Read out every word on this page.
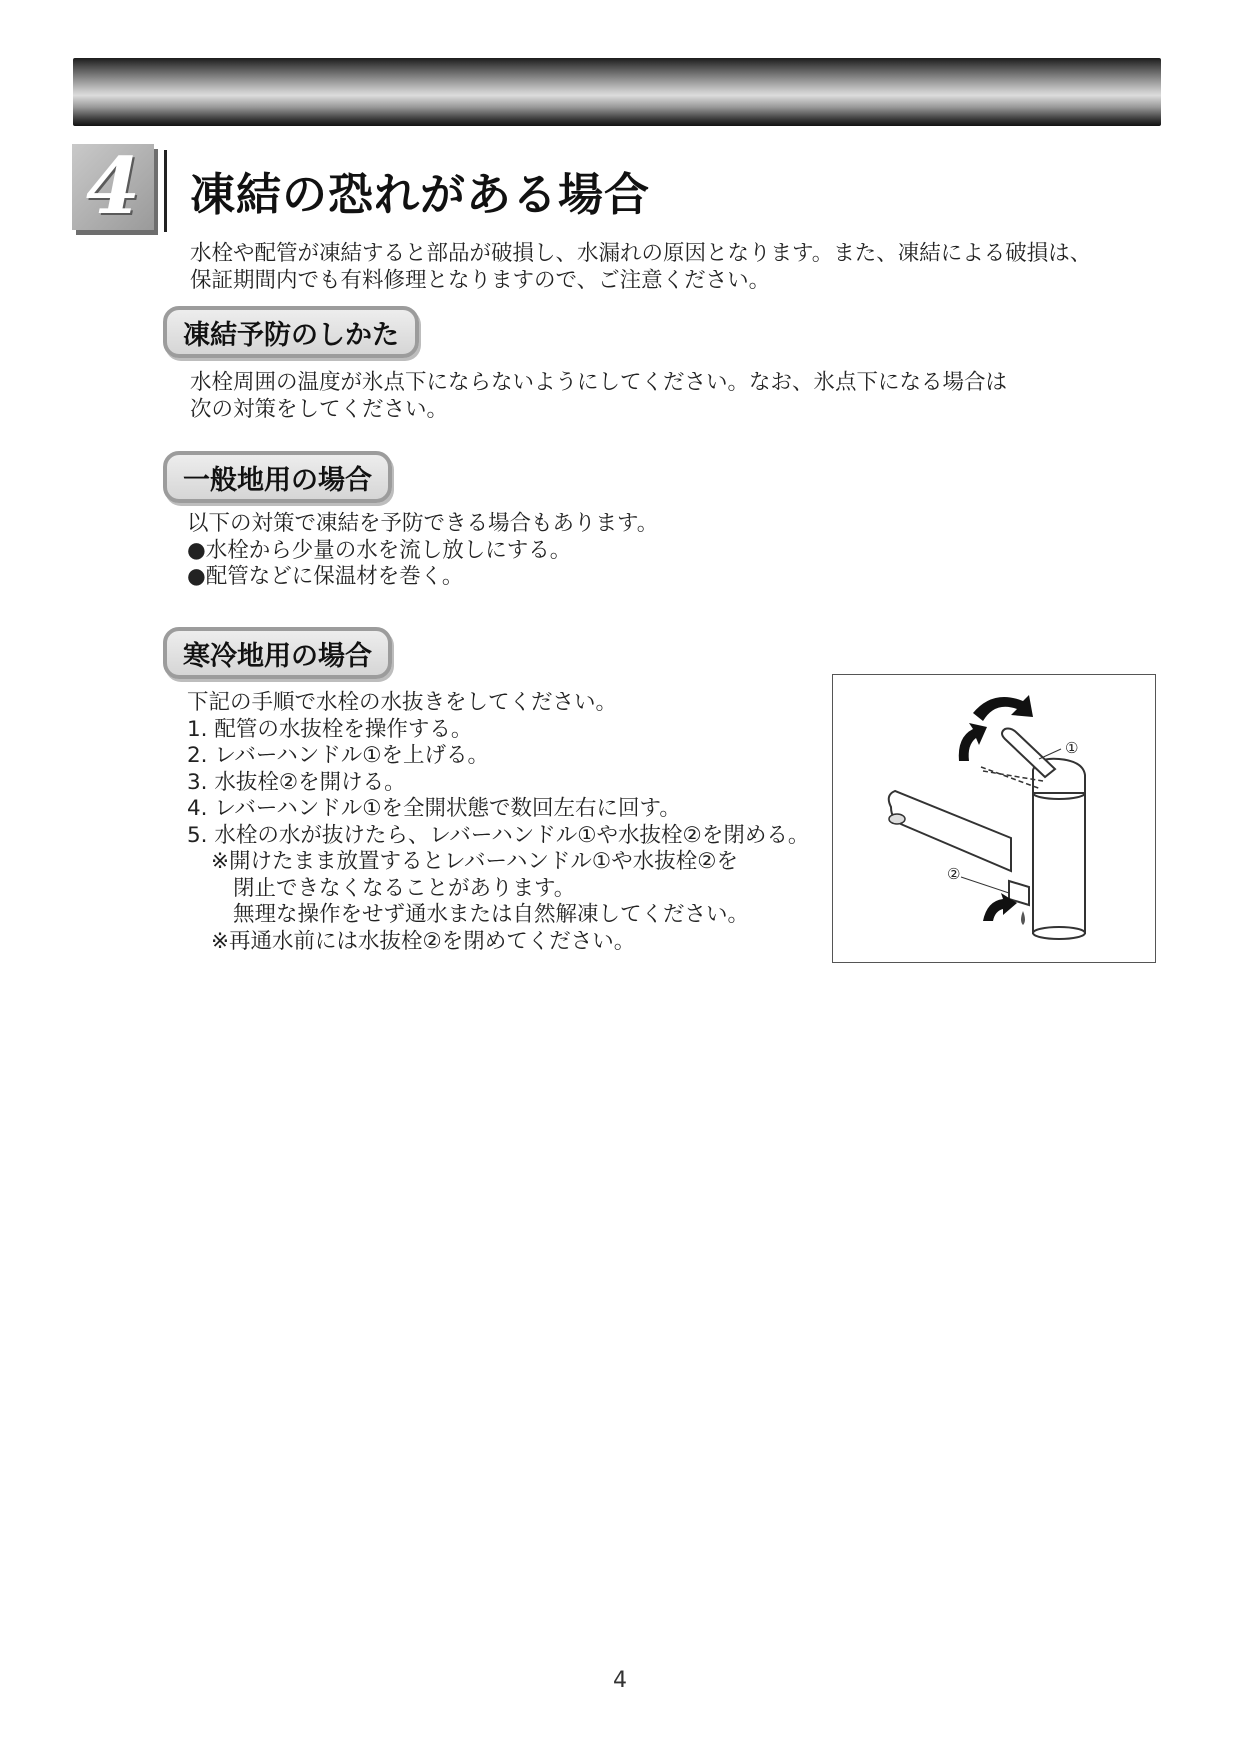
4 凍結の恐れがある場合

水栓や配管が凍結すると部品が破損し、水漏れの原因となります。また、凍結による破損は、

保証期間内でも有料修理となりますので、ご注意ください。

凍結予防のしかた

水栓周囲の温度が氷点下にならないようにしてください。なお、氷点下になる場合は

次の対策をしてください。

一般地用の場合
以下の対策で凍結を予防できる場合もあります。
●水栓から少量の水を流し放しにする。
●配管などに保温材を巻く。
寒冷地用の場合
下記の手順で水栓の水抜きをしてください。
1. 配管の水抜栓を操作する。
2. レバーハンドル①を上げる。
3. 水抜栓②を開ける。
4. レバーハンドル①を全開状態で数回左右に回す。
5. 水栓の水が抜けたら、レバーハンドル①や水抜栓②を閉める。
※開けたまま放置するとレバーハンドル①や水抜栓②を
閉止できなくなることがあります。
無理な操作をせず通水または自然解凍してください。
※再通水前には水抜栓②を閉めてください。
①
②
4
